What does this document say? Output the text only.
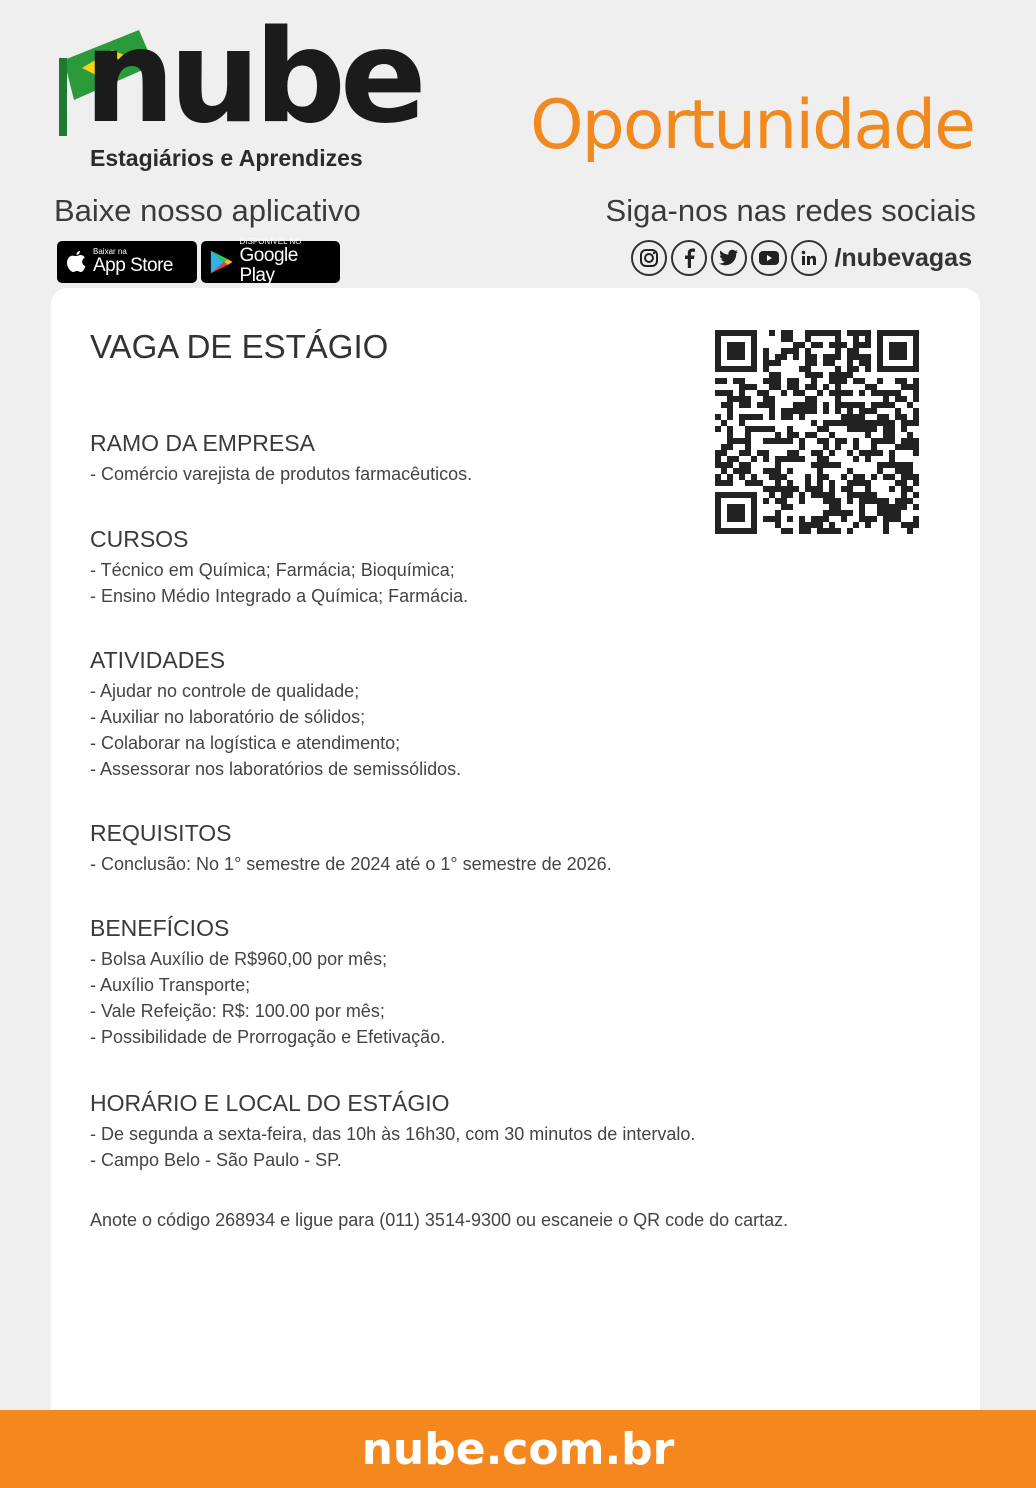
nube
Estagiários e Aprendizes Oportunidade
Baixe nosso aplicativo	Siga-nos nas redes sociais
Baixar na
App Store
DISPONÍVEL NO
Google Play
/nubevagas
VAGA DE ESTÁGIO
RAMO DA EMPRESA

- Comércio varejista de produtos farmacêuticos.

CURSOS

- Técnico em Química; Farmácia; Bioquímica;

- Ensino Médio Integrado a Química; Farmácia.

ATIVIDADES

- Ajudar no controle de qualidade;

- Auxiliar no laboratório de sólidos;

- Colaborar na logística e atendimento;

- Assessorar nos laboratórios de semissólidos.

REQUISITOS

- Conclusão: No 1° semestre de 2024 até o 1° semestre de 2026.

BENEFÍCIOS

- Bolsa Auxílio de R$960,00 por mês;

- Auxílio Transporte;

- Vale Refeição: R$: 100.00 por mês;

- Possibilidade de Prorrogação e Efetivação.

HORÁRIO E LOCAL DO ESTÁGIO

- De segunda a sexta-feira, das 10h às 16h30, com 30 minutos de intervalo.

- Campo Belo - São Paulo - SP.

Anote o código 268934 e ligue para (011) 3514-9300 ou escaneie o QR code do cartaz.
nube.com.br
